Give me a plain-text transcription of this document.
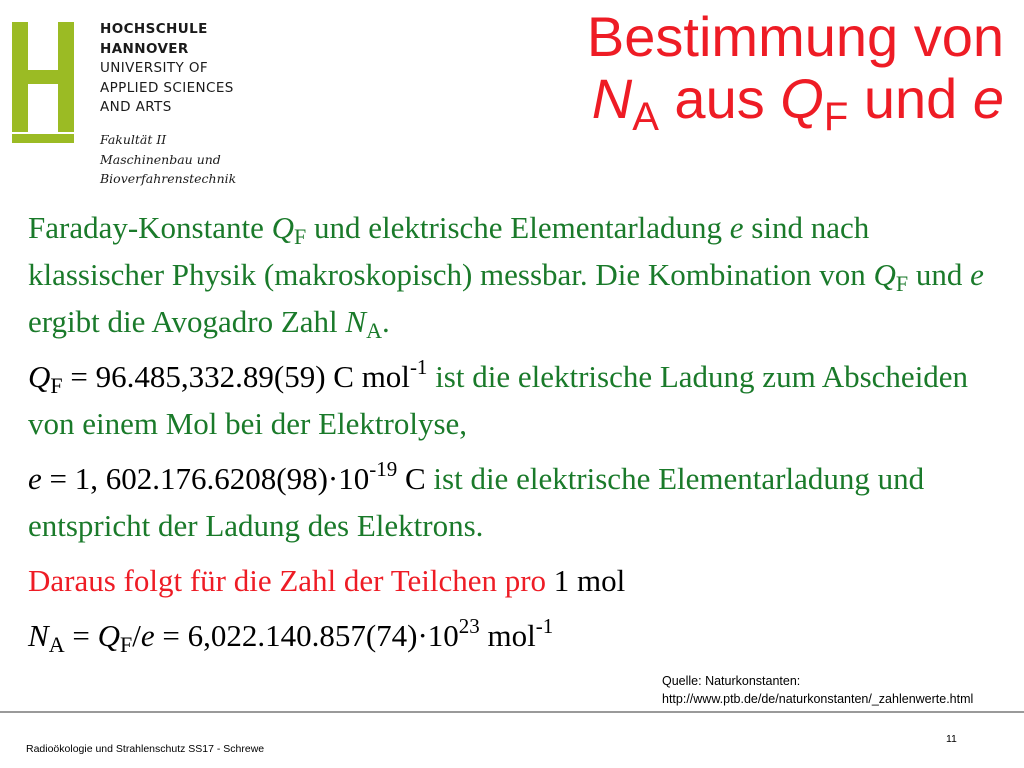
HOCHSCHULE
HANNOVER
UNIVERSITY OF
APPLIED SCIENCES
AND ARTS
Fakultät II
Maschinenbau und
Bioverfahrenstechnik
Bestimmung von
$N_A$ aus $Q_F$ und e

Faraday-Konstante $Q_F$ und elektrische Elementarladung e sind nach klassischer Physik (makroskopisch) messbar. Die Kombination von $Q_F$ und e ergibt die Avogadro Zahl $N_A$.

$Q_F = 96.485,332.89(59)$ C mol$^{-1}$ ist die elektrische Ladung zum Abscheiden von einem Mol bei der Elektrolyse,

e = 1, $602.176.6208(98)\cdot 10^{-19}$ C ist die elektrische Elementarladung und entspricht der Ladung des Elektrons.

Daraus folgt für die Zahl der Teilchen pro 1 mol

$N_A = Q_F/e = 6,022.140.857(74)\cdot 10^{23}$ mol$^{-1}$

Quelle: Naturkonstanten:
http://www.ptb.de/de/naturkonstanten/_zahlenwerte.html
Radioökologie und Strahlenschutz SS17 - Schrewe
11
